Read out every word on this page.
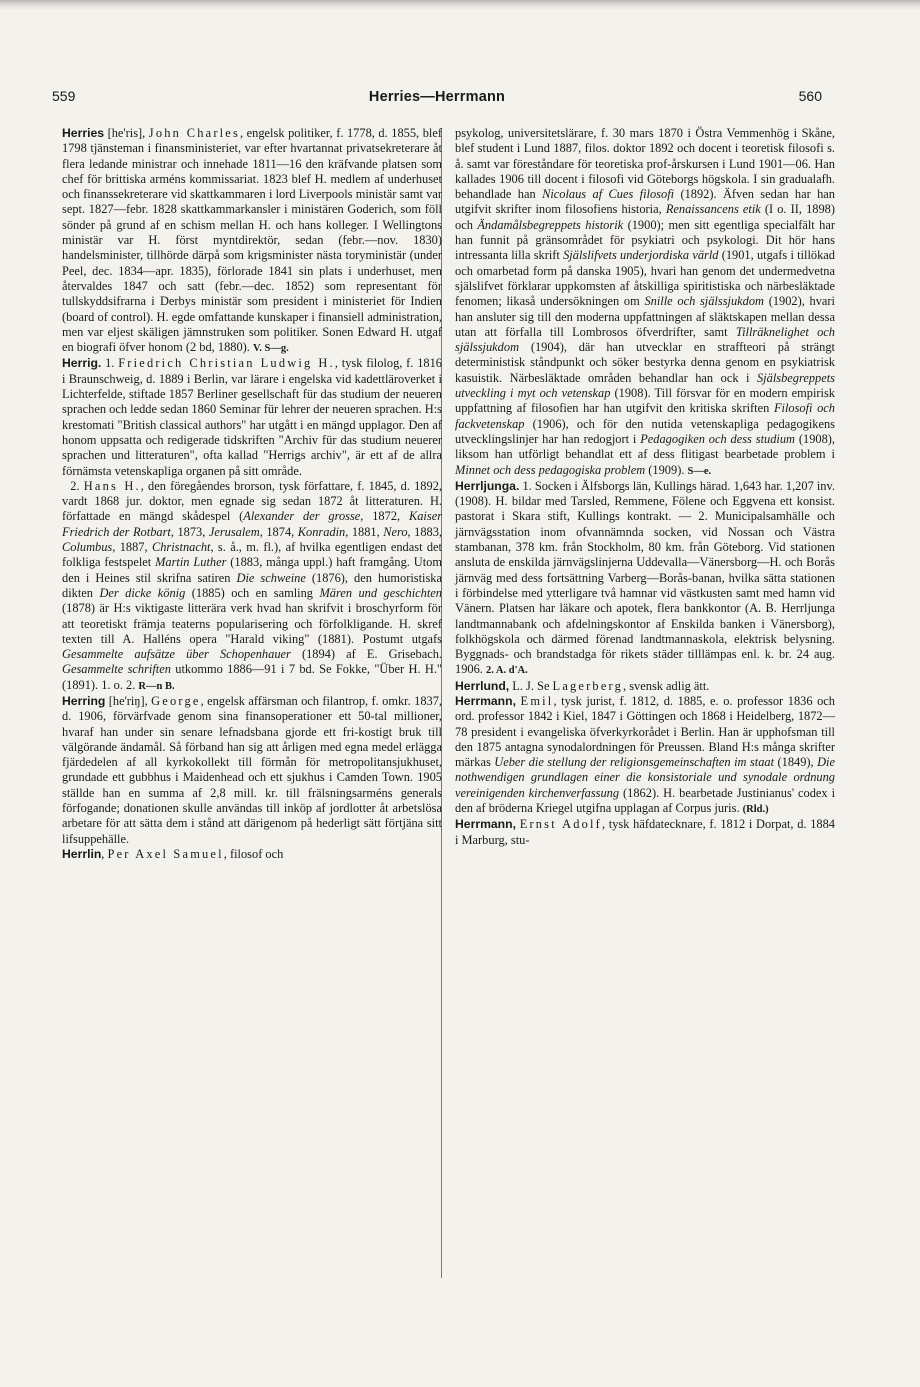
559	Herries—Herrmann	560

Herries [he'ris], John Charles, engelsk politiker, f. 1778, d. 1855, blef 1798 tjänsteman i finansministeriet, var efter hvartannat privatsekreterare åt flera ledande ministrar och innehade 1811—16 den kräfvande platsen som chef för brittiska arméns kommissariat. 1823 blef H. medlem af underhuset och finanssekreterare vid skattkammaren i lord Liverpools ministär samt var sept. 1827—febr. 1828 skattkammarkansler i ministären Goderich, som föll sönder på grund af en schism mellan H. och hans kolleger. I Wellingtons ministär var H. först myntdirektör, sedan (febr.—nov. 1830) handelsminister, tillhörde därpå som krigsminister nästa toryministär (under Peel, dec. 1834—apr. 1835), förlorade 1841 sin plats i underhuset, men återvaldes 1847 och satt (febr.—dec. 1852) som representant för tullskyddsifrarna i Derbys ministär som president i ministeriet för Indien (board of control). H. egde omfattande kunskaper i finansiell administration, men var eljest skäligen jämnstruken som politiker. Sonen Edward H. utgaf en biografi öfver honom (2 bd, 1880). V. S—g.

Herrig. 1. Friedrich Christian Ludwig H., tysk filolog, f. 1816 i Braunschweig, d. 1889 i Berlin, var lärare i engelska vid kadettläroverket i Lichterfelde, stiftade 1857 Berliner gesellschaft für das studium der neueren sprachen och ledde sedan 1860 Seminar für lehrer der neueren sprachen. H:s krestomati "British classical authors" har utgått i en mängd upplagor. Den af honom uppsatta och redigerade tidskriften "Archiv für das studium neuerer sprachen und litteraturen", ofta kallad "Herrigs archiv", är ett af de allra förnämsta vetenskapliga organen på sitt område.

2. Hans H., den föregåendes brorson, tysk författare, f. 1845, d. 1892, vardt 1868 jur. doktor, men egnade sig sedan 1872 åt litteraturen. H. författade en mängd skådespel (Alexander der grosse, 1872, Kaiser Friedrich der Rotbart, 1873, Jerusalem, 1874, Konradin, 1881, Nero, 1883, Columbus, 1887, Christnacht, s. å., m. fl.), af hvilka egentligen endast det folkliga festspelet Martin Luther (1883, många uppl.) haft framgång. Utom den i Heines stil skrifna satiren Die schweine (1876), den humoristiska dikten Der dicke könig (1885) och en samling Mären und geschichten (1878) är H:s viktigaste litterära verk hvad han skrifvit i broschyrform för att teoretiskt främja teaterns popularisering och förfolkligande. H. skref texten till A. Halléns opera "Harald viking" (1881). Postumt utgafs Gesammelte aufsätze über Schopenhauer (1894) af E. Grisebach. Gesammelte schriften utkommo 1886—91 i 7 bd. Se Fokke, "Über H. H." (1891). 1. o. 2. R—n B.

Herring [he'riŋ], George, engelsk affärsman och filantrop, f. omkr. 1837, d. 1906, förvärfvade genom sina finansoperationer ett 50-tal millioner, hvaraf han under sin senare lefnadsbana gjorde ett fri-kostigt bruk till välgörande ändamål. Så förband han sig att årligen med egna medel erlägga fjärdedelen af all kyrkokollekt till förmån för metropolitansjukhuset, grundade ett gubbhus i Maidenhead och ett sjukhus i Camden Town. 1905 ställde han en summa af 2,8 mill. kr. till frälsningsarméns generals förfogande; donationen skulle användas till inköp af jordlotter åt arbetslösa arbetare för att sätta dem i stånd att därigenom på hederligt sätt förtjäna sitt lifsuppehälle.

Herrlin, Per Axel Samuel, filosof och

psykolog, universitetslärare, f. 30 mars 1870 i Östra Vemmenhög i Skåne, blef student i Lund 1887, filos. doktor 1892 och docent i teoretisk filosofi s. å. samt var föreståndare för teoretiska prof-årskursen i Lund 1901—06. Han kallades 1906 till docent i filosofi vid Göteborgs högskola. I sin gradualafh. behandlade han Nicolaus af Cues filosofi (1892). Äfven sedan har han utgifvit skrifter inom filosofiens historia, Renaissancens etik (I o. II, 1898) och Ändamålsbegreppets historik (1900); men sitt egentliga specialfält har han funnit på gränsområdet för psykiatri och psykologi. Dit hör hans intressanta lilla skrift Själslifvets underjordiska värld (1901, utgafs i tillökad och omarbetad form på danska 1905), hvari han genom det undermedvetna själslifvet förklarar uppkomsten af åtskilliga spiritistiska och närbesläktade fenomen; likaså undersökningen om Snille och själssjukdom (1902), hvari han ansluter sig till den moderna uppfattningen af släktskapen mellan dessa utan att förfalla till Lombrosos öfverdrifter, samt Tillräknelighet och själssjukdom (1904), där han utvecklar en straffteori på strängt deterministisk ståndpunkt och söker bestyrka denna genom en psykiatrisk kasuistik. Närbesläktade områden behandlar han ock i Själsbegreppets utveckling i myt och vetenskap (1908). Till försvar för en modern empirisk uppfattning af filosofien har han utgifvit den kritiska skriften Filosofi och fackvetenskap (1906), och för den nutida vetenskapliga pedagogikens utvecklingslinjer har han redogjort i Pedagogiken och dess studium (1908), liksom han utförligt behandlat ett af dess flitigast bearbetade problem i Minnet och dess pedagogiska problem (1909). S—e.

Herrljunga. 1. Socken i Älfsborgs län, Kullings härad. 1,643 har. 1,207 inv. (1908). H. bildar med Tarsled, Remmene, Fölene och Eggvena ett konsist. pastorat i Skara stift, Kullings kontrakt. — 2. Municipalsamhälle och järnvägsstation inom ofvannämnda socken, vid Nossan och Västra stambanan, 378 km. från Stockholm, 80 km. från Göteborg. Vid stationen ansluta de enskilda järnvägslinjerna Uddevalla—Vänersborg—H. och Borås järnväg med dess fortsättning Varberg—Borås-banan, hvilka sätta stationen i förbindelse med ytterligare två hamnar vid västkusten samt med hamn vid Vänern. Platsen har läkare och apotek, flera bankkontor (A. B. Herrljunga landtmannabank och afdelningskontor af Enskilda banken i Vänersborg), folkhögskola och därmed förenad landtmannaskola, elektrisk belysning. Byggnads- och brandstadga för rikets städer tilllämpas enl. k. br. 24 aug. 1906. 2. A. d'A.

Herrlund, L. J. Se Lagerberg, svensk adlig ätt.

Herrmann, Emil, tysk jurist, f. 1812, d. 1885, e. o. professor 1836 och ord. professor 1842 i Kiel, 1847 i Göttingen och 1868 i Heidelberg, 1872—78 president i evangeliska öfverkyrkorådet i Berlin. Han är upphofsman till den 1875 antagna synodalordningen för Preussen. Bland H:s många skrifter märkas Ueber die stellung der religionsgemeinschaften im staat (1849), Die nothwendigen grundlagen einer die konsistoriale und synodale ordnung vereinigenden kirchenverfassung (1862). H. bearbetade Justinianus' codex i den af bröderna Kriegel utgifna upplagan af Corpus juris. (Rld.)

Herrmann, Ernst Adolf, tysk häfdatecknare, f. 1812 i Dorpat, d. 1884 i Marburg, stu-
